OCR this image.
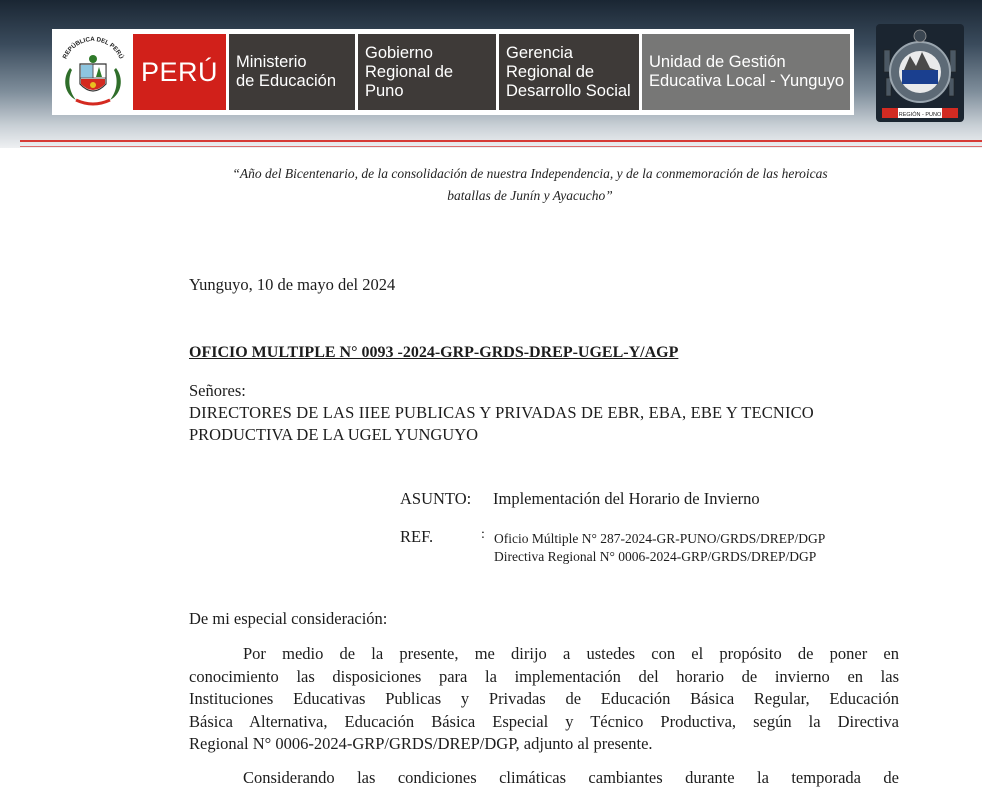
REPÚBLICA DEL PERÚ PERÚ	Ministerio
de Educación
Gobierno
Regional de Puno
Gerencia
Regional de
Desarrollo Social
Unidad de Gestión
Educativa Local - Yunguyo
REGIÓN - PUNO
“Año del Bicentenario, de la consolidación de nuestra Independencia, y de la conmemoración de las heroicas
batallas de Junín y Ayacucho”
Yunguyo, 10 de mayo del 2024
OFICIO MULTIPLE N° 0093 -2024-GRP-GRDS-DREP-UGEL-Y/AGP
Señores:
DIRECTORES DE LAS IIEE PUBLICAS Y PRIVADAS DE EBR, EBA, EBE Y TECNICO
PRODUCTIVA DE LA UGEL YUNGUYO
ASUNTO: Implementación del Horario de Invierno
REF.	: Oficio Múltiple N° 287-2024-GR-PUNO/GRDS/DREP/DGP
Directiva Regional N° 0006-2024-GRP/GRDS/DREP/DGP
De mi especial consideración:
Por medio de la presente, me dirijo a ustedes con el propósito de poner en
conocimiento las disposiciones para la implementación del horario de invierno en las
Instituciones Educativas Publicas y Privadas de Educación Básica Regular, Educación
Básica Alternativa, Educación Básica Especial y Técnico Productiva, según la Directiva
Regional N° 0006-2024-GRP/GRDS/DREP/DGP, adjunto al presente.
Considerando las condiciones climáticas cambiantes durante la temporada de
